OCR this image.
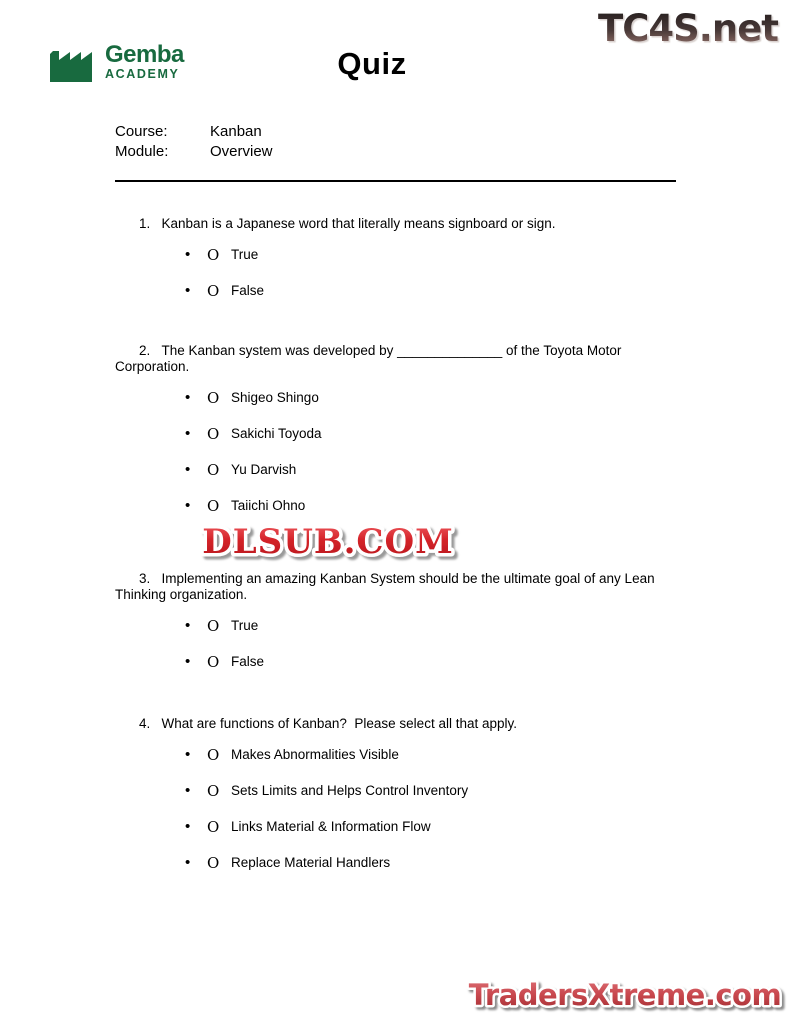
TC4S.net
Gemba
ACADEMY	Quiz
Course:	Kanban
Module:	Overview

1. Kanban is a Japanese word that literally means signboard or sign.

•	O True
•	O False

2. The Kanban system was developed by ______________ of the Toyota Motor Corporation.

•	O Shigeo Shingo
•	O Sakichi Toyoda
•	O Yu Darvish
•	O Taiichi Ohno
DLSUB.COM

3. Implementing an amazing Kanban System should be the ultimate goal of any Lean Thinking organization.

•	O True
•	O False

4. What are functions of Kanban?  Please select all that apply.

•	O Makes Abnormalities Visible
•	O Sets Limits and Helps Control Inventory
•	O Links Material & Information Flow
•	O Replace Material Handlers
TradersXtreme.com
